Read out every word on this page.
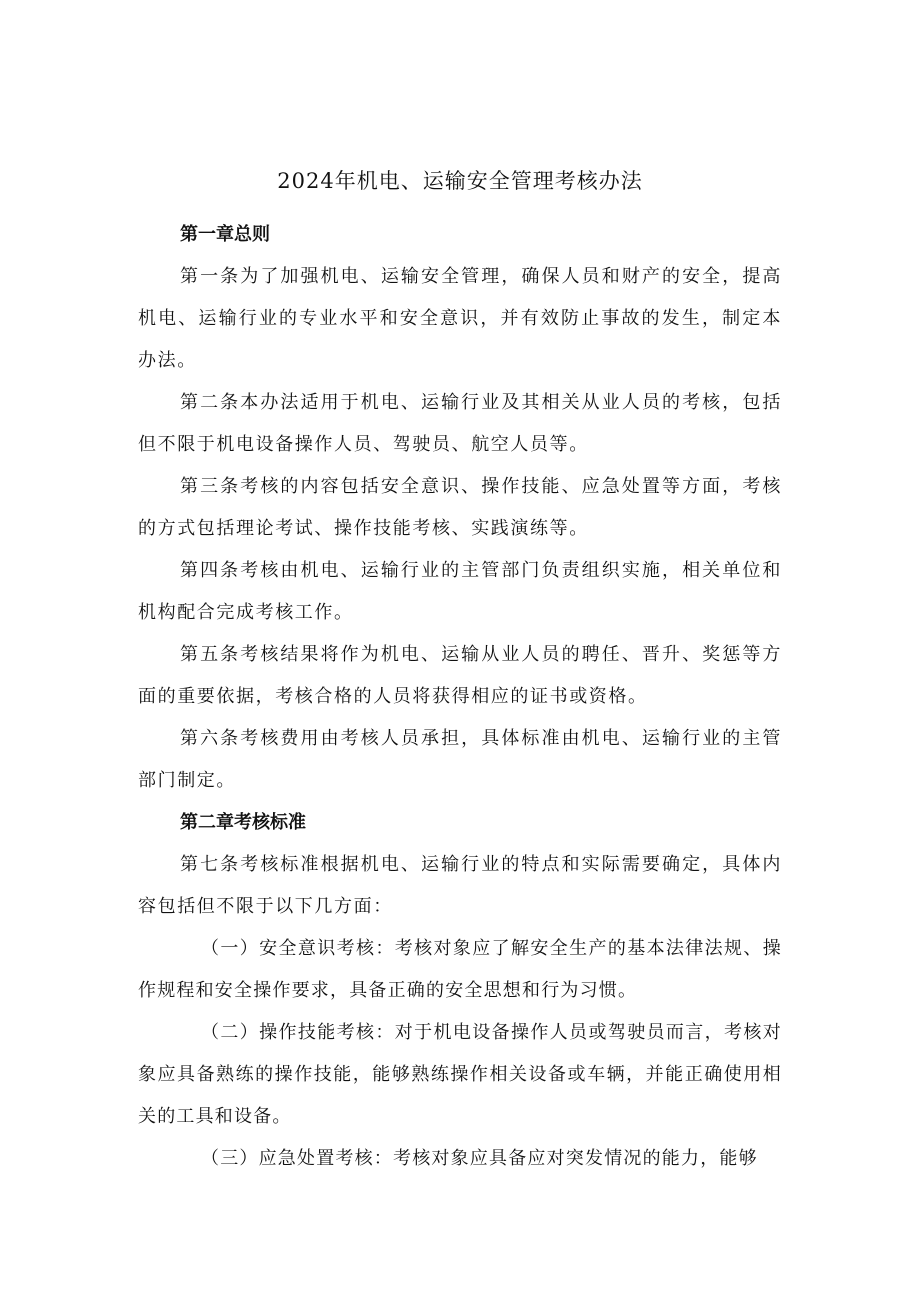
2024年机电、运输安全管理考核办法

第一章总则

第一条为了加强机电、运输安全管理，确保人员和财产的安全，提高机电、运输行业的专业水平和安全意识，并有效防止事故的发生，制定本办法。

第二条本办法适用于机电、运输行业及其相关从业人员的考核，包括但不限于机电设备操作人员、驾驶员、航空人员等。

第三条考核的内容包括安全意识、操作技能、应急处置等方面，考核的方式包括理论考试、操作技能考核、实践演练等。

第四条考核由机电、运输行业的主管部门负责组织实施，相关单位和机构配合完成考核工作。

第五条考核结果将作为机电、运输从业人员的聘任、晋升、奖惩等方面的重要依据，考核合格的人员将获得相应的证书或资格。

第六条考核费用由考核人员承担，具体标准由机电、运输行业的主管部门制定。

第二章考核标准

第七条考核标准根据机电、运输行业的特点和实际需要确定，具体内容包括但不限于以下几方面：

（一）安全意识考核：考核对象应了解安全生产的基本法律法规、操作规程和安全操作要求，具备正确的安全思想和行为习惯。

（二）操作技能考核：对于机电设备操作人员或驾驶员而言，考核对象应具备熟练的操作技能，能够熟练操作相关设备或车辆，并能正确使用相关的工具和设备。

（三）应急处置考核：考核对象应具备应对突发情况的能力，能够
